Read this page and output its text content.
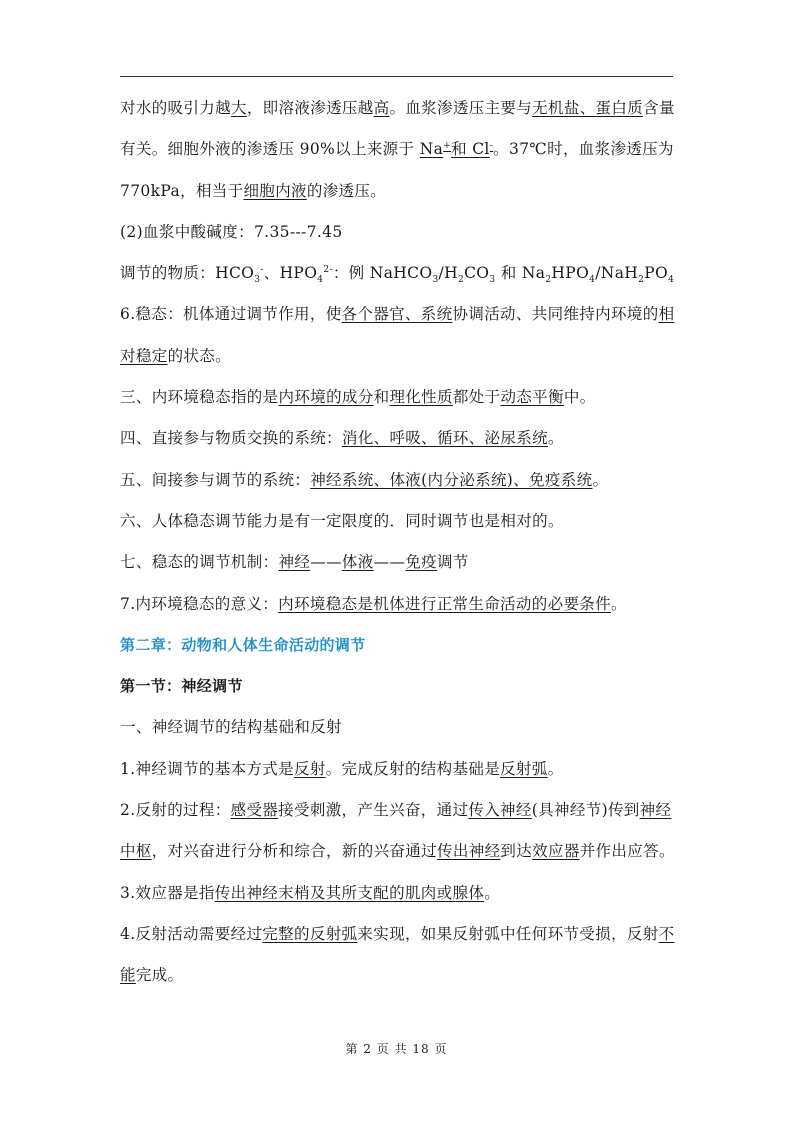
对水的吸引力越大，即溶液渗透压越高。血浆渗透压主要与无机盐、蛋白质含量
有关。细胞外液的渗透压 90%以上来源于 Na+和 Cl-。37℃时，血浆渗透压为
770kPa，相当于细胞内液的渗透压。
(2)血浆中酸碱度：7.35---7.45
调节的物质：$HCO_3^-$、$HPO_4^{2-}$：例 $NaHCO_3/H_2CO_3$ 和 $Na_2HPO_4/NaH_2PO_4$
6.稳态：机体通过调节作用，使各个器官、系统协调活动、共同维持内环境的相
对稳定的状态。
三、内环境稳态指的是内环境的成分和理化性质都处于动态平衡中。
四、直接参与物质交换的系统：消化、呼吸、循环、泌尿系统。
五、间接参与调节的系统：神经系统、体液(内分泌系统)、免疫系统。
六、人体稳态调节能力是有一定限度的．同时调节也是相对的。
七、稳态的调节机制：神经——体液——免疫调节
7.内环境稳态的意义：内环境稳态是机体进行正常生命活动的必要条件。
第二章：动物和人体生命活动的调节
第一节：神经调节
一、神经调节的结构基础和反射
1.神经调节的基本方式是反射。完成反射的结构基础是反射弧。
2.反射的过程：感受器接受刺激，产生兴奋，通过传入神经(具神经节)传到神经
中枢，对兴奋进行分析和综合，新的兴奋通过传出神经到达效应器并作出应答。
3.效应器是指传出神经末梢及其所支配的肌肉或腺体。
4.反射活动需要经过完整的反射弧来实现，如果反射弧中任何环节受损，反射不
能完成。
第 2 页 共 18 页
